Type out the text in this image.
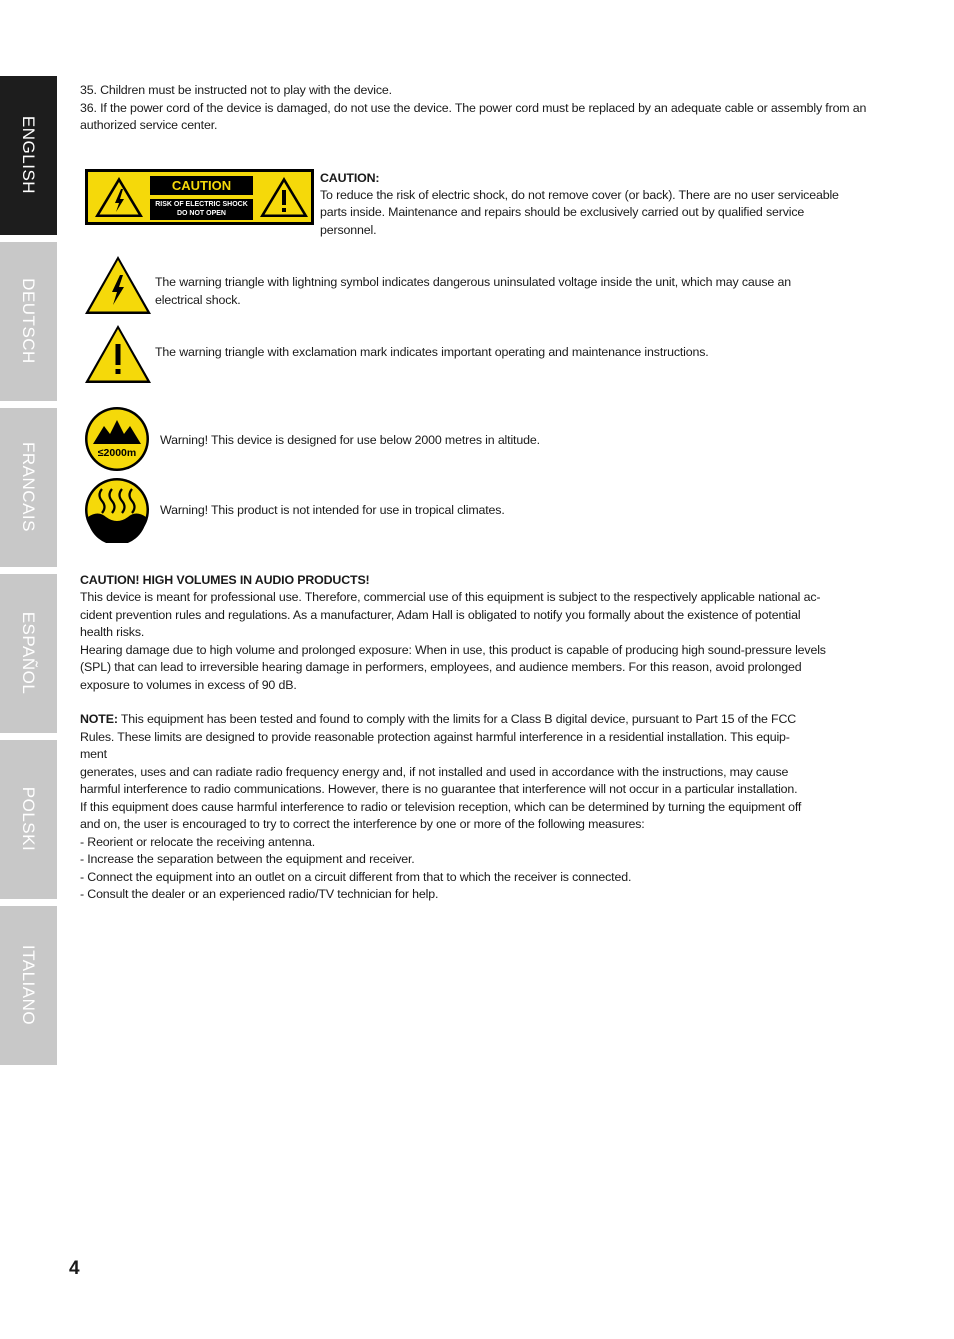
ENGLISH
DEUTSCH
FRANCAIS
ESPAÑOL
POLSKI
ITALIANO
35. Children must be instructed not to play with the device.
36. If the power cord of the device is damaged, do not use the device. The power cord must be replaced by an adequate cable or assembly from an
authorized service center.
CAUTION
RISK OF ELECTRIC SHOCK
DO NOT OPEN
CAUTION:
To reduce the risk of electric shock, do not remove cover (or back). There are no user serviceable
parts inside. Maintenance and repairs should be exclusively carried out by qualified service
personnel.
The warning triangle with lightning symbol indicates dangerous uninsulated voltage inside the unit, which may cause an
electrical shock.
The warning triangle with exclamation mark indicates important operating and maintenance instructions.
≤2000m
Warning! This device is designed for use below 2000 metres in altitude.
Warning! This product is not intended for use in tropical climates.
CAUTION! HIGH VOLUMES IN AUDIO PRODUCTS!
This device is meant for professional use. Therefore, commercial use of this equipment is subject to the respectively applicable national ac-
cident prevention rules and regulations. As a manufacturer, Adam Hall is obligated to notify you formally about the existence of potential
health risks.
Hearing damage due to high volume and prolonged exposure: When in use, this product is capable of producing high sound-pressure levels
(SPL) that can lead to irreversible hearing damage in performers, employees, and audience members. For this reason, avoid prolonged
exposure to volumes in excess of 90 dB.
NOTE: This equipment has been tested and found to comply with the limits for a Class B digital device, pursuant to Part 15 of the FCC
Rules. These limits are designed to provide reasonable protection against harmful interference in a residential installation. This equip-
ment
generates, uses and can radiate radio frequency energy and, if not installed and used in accordance with the instructions, may cause
harmful interference to radio communications. However, there is no guarantee that interference will not occur in a particular installation.
If this equipment does cause harmful interference to radio or television reception, which can be determined by turning the equipment off
and on, the user is encouraged to try to correct the interference by one or more of the following measures:
- Reorient or relocate the receiving antenna.
- Increase the separation between the equipment and receiver.
- Connect the equipment into an outlet on a circuit different from that to which the receiver is connected.
- Consult the dealer or an experienced radio/TV technician for help.
4
